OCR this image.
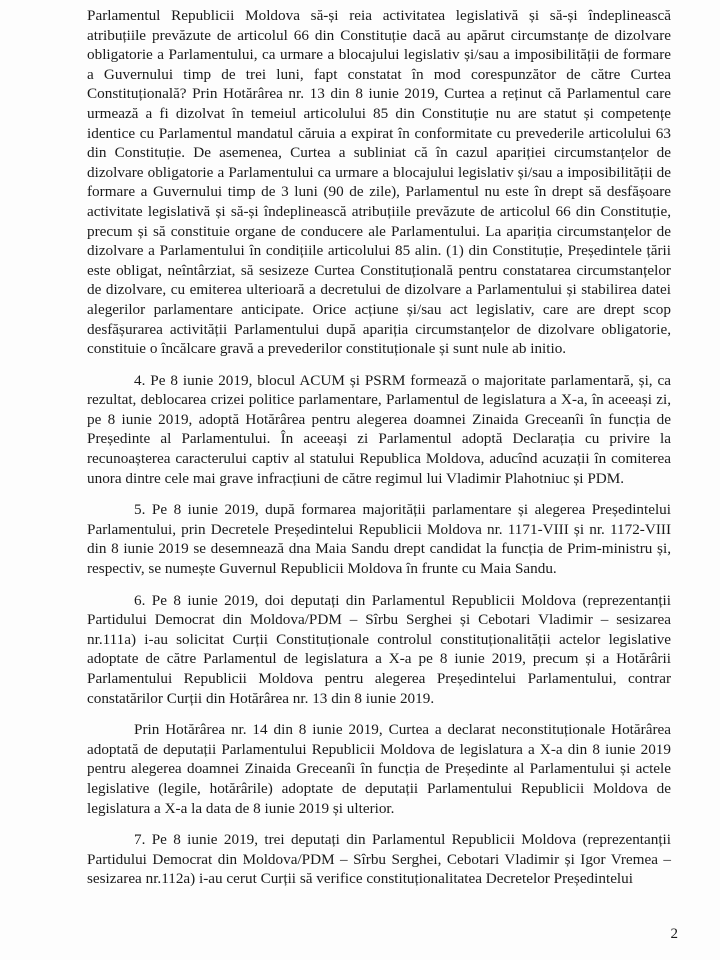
Parlamentul Republicii Moldova să-și reia activitatea legislativă și să-și îndeplinească atribuțiile prevăzute de articolul 66 din Constituție dacă au apărut circumstanțe de dizolvare obligatorie a Parlamentului, ca urmare a blocajului legislativ și/sau a imposibilității de formare a Guvernului timp de trei luni, fapt constatat în mod corespunzător de către Curtea Constituțională? Prin Hotărârea nr. 13 din 8 iunie 2019, Curtea a reținut că Parlamentul care urmează a fi dizolvat în temeiul articolului 85 din Constituție nu are statut și competențe identice cu Parlamentul mandatul căruia a expirat în conformitate cu prevederile articolului 63 din Constituție. De asemenea, Curtea a subliniat că în cazul apariției circumstanțelor de dizolvare obligatorie a Parlamentului ca urmare a blocajului legislativ și/sau a imposibilității de formare a Guvernului timp de 3 luni (90 de zile), Parlamentul nu este în drept să desfășoare activitate legislativă și să-și îndeplinească atribuțiile prevăzute de articolul 66 din Constituție, precum și să constituie organe de conducere ale Parlamentului. La apariția circumstanțelor de dizolvare a Parlamentului în condițiile articolului 85 alin. (1) din Constituție, Președintele țării este obligat, neîntârziat, să sesizeze Curtea Constituțională pentru constatarea circumstanțelor de dizolvare, cu emiterea ulterioară a decretului de dizolvare a Parlamentului și stabilirea datei alegerilor parlamentare anticipate. Orice acțiune și/sau act legislativ, care are drept scop desfășurarea activității Parlamentului după apariția circumstanțelor de dizolvare obligatorie, constituie o încălcare gravă a prevederilor constituționale și sunt nule ab initio.

4. Pe 8 iunie 2019, blocul ACUM și PSRM formează o majoritate parlamentară, și, ca rezultat, deblocarea crizei politice parlamentare, Parlamentul de legislatura a X-a, în aceeași zi, pe 8 iunie 2019, adoptă Hotărârea pentru alegerea doamnei Zinaida Greceanîi în funcția de Președinte al Parlamentului. În aceeași zi Parlamentul adoptă Declarația cu privire la recunoașterea caracterului captiv al statului Republica Moldova, aducînd acuzații în comiterea unora dintre cele mai grave infracțiuni de către regimul lui Vladimir Plahotniuc și PDM.

5. Pe 8 iunie 2019, după formarea majorității parlamentare și alegerea Președintelui Parlamentului, prin Decretele Președintelui Republicii Moldova nr. 1171-VIII și nr. 1172-VIII din 8 iunie 2019 se desemnează dna Maia Sandu drept candidat la funcția de Prim-ministru și, respectiv, se numește Guvernul Republicii Moldova în frunte cu Maia Sandu.

6. Pe 8 iunie 2019, doi deputați din Parlamentul Republicii Moldova (reprezentanții Partidului Democrat din Moldova/PDM – Sîrbu Serghei și Cebotari Vladimir – sesizarea nr.111a) i-au solicitat Curții Constituționale controlul constituționalității actelor legislative adoptate de către Parlamentul de legislatura a X-a pe 8 iunie 2019, precum și a Hotărârii Parlamentului Republicii Moldova pentru alegerea Președintelui Parlamentului, contrar constatărilor Curții din Hotărârea nr. 13 din 8 iunie 2019.

Prin Hotărârea nr. 14 din 8 iunie 2019, Curtea a declarat neconstituționale Hotărârea adoptată de deputații Parlamentului Republicii Moldova de legislatura a X-a din 8 iunie 2019 pentru alegerea doamnei Zinaida Greceanîi în funcția de Președinte al Parlamentului și actele legislative (legile, hotărârile) adoptate de deputații Parlamentului Republicii Moldova de legislatura a X-a la data de 8 iunie 2019 și ulterior.

7. Pe 8 iunie 2019, trei deputați din Parlamentul Republicii Moldova (reprezentanții Partidului Democrat din Moldova/PDM – Sîrbu Serghei, Cebotari Vladimir și Igor Vremea – sesizarea nr.112a) i-au cerut Curții să verifice constituționalitatea Decretelor Președintelui

2
